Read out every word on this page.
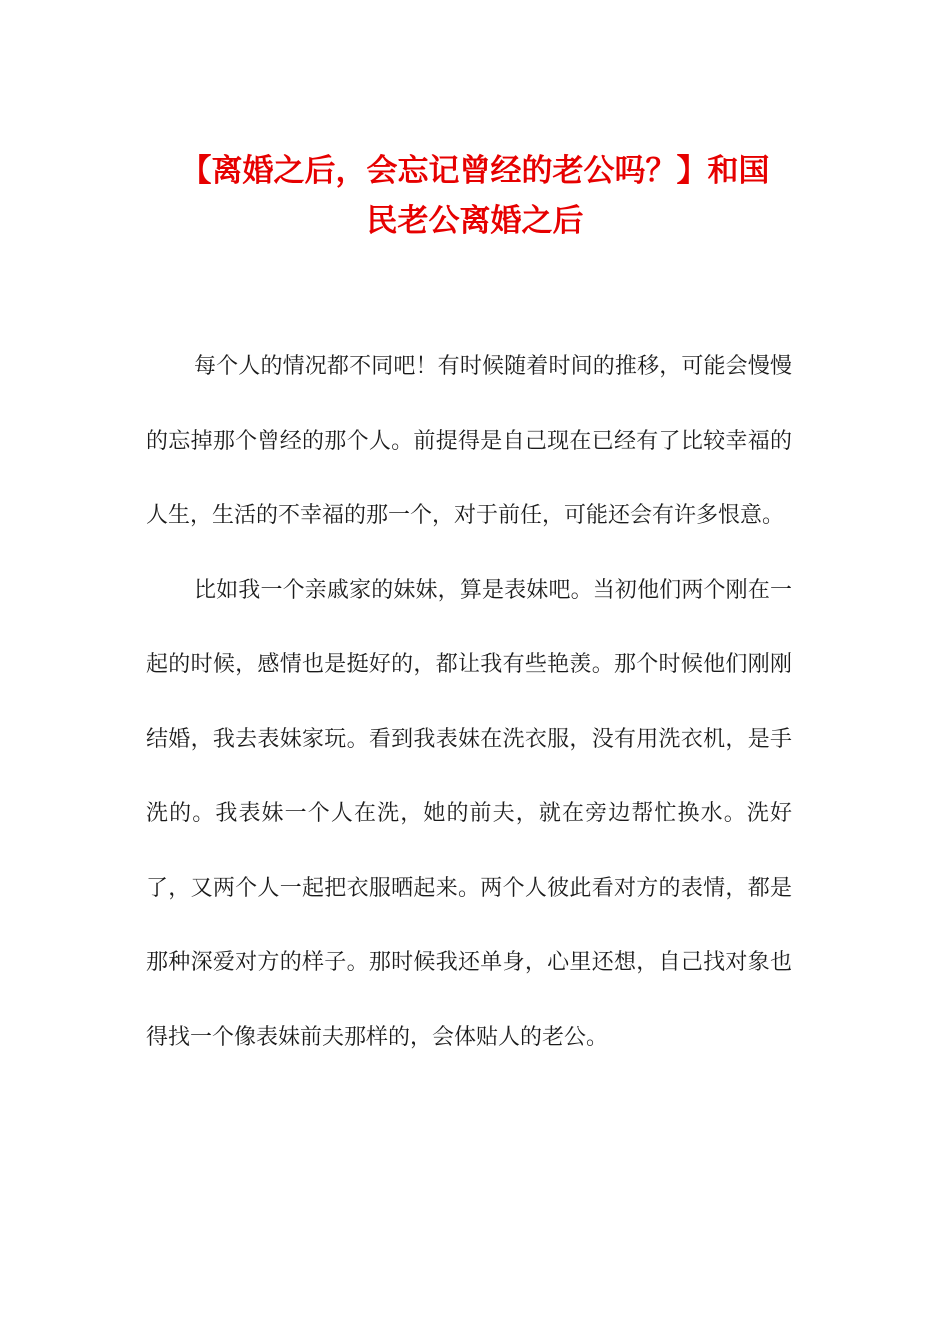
【离婚之后，会忘记曾经的老公吗？】和国
民老公离婚之后

每个人的情况都不同吧！有时候随着时间的推移，可能会慢慢的忘掉那个曾经的那个人。前提得是自己现在已经有了比较幸福的人生，生活的不幸福的那一个，对于前任，可能还会有许多恨意。

比如我一个亲戚家的妹妹，算是表妹吧。当初他们两个刚在一起的时候，感情也是挺好的，都让我有些艳羡。那个时候他们刚刚结婚，我去表妹家玩。看到我表妹在洗衣服，没有用洗衣机，是手洗的。我表妹一个人在洗，她的前夫，就在旁边帮忙换水。洗好了，又两个人一起把衣服晒起来。两个人彼此看对方的表情，都是那种深爱对方的样子。那时候我还单身，心里还想，自己找对象也得找一个像表妹前夫那样的，会体贴人的老公。
